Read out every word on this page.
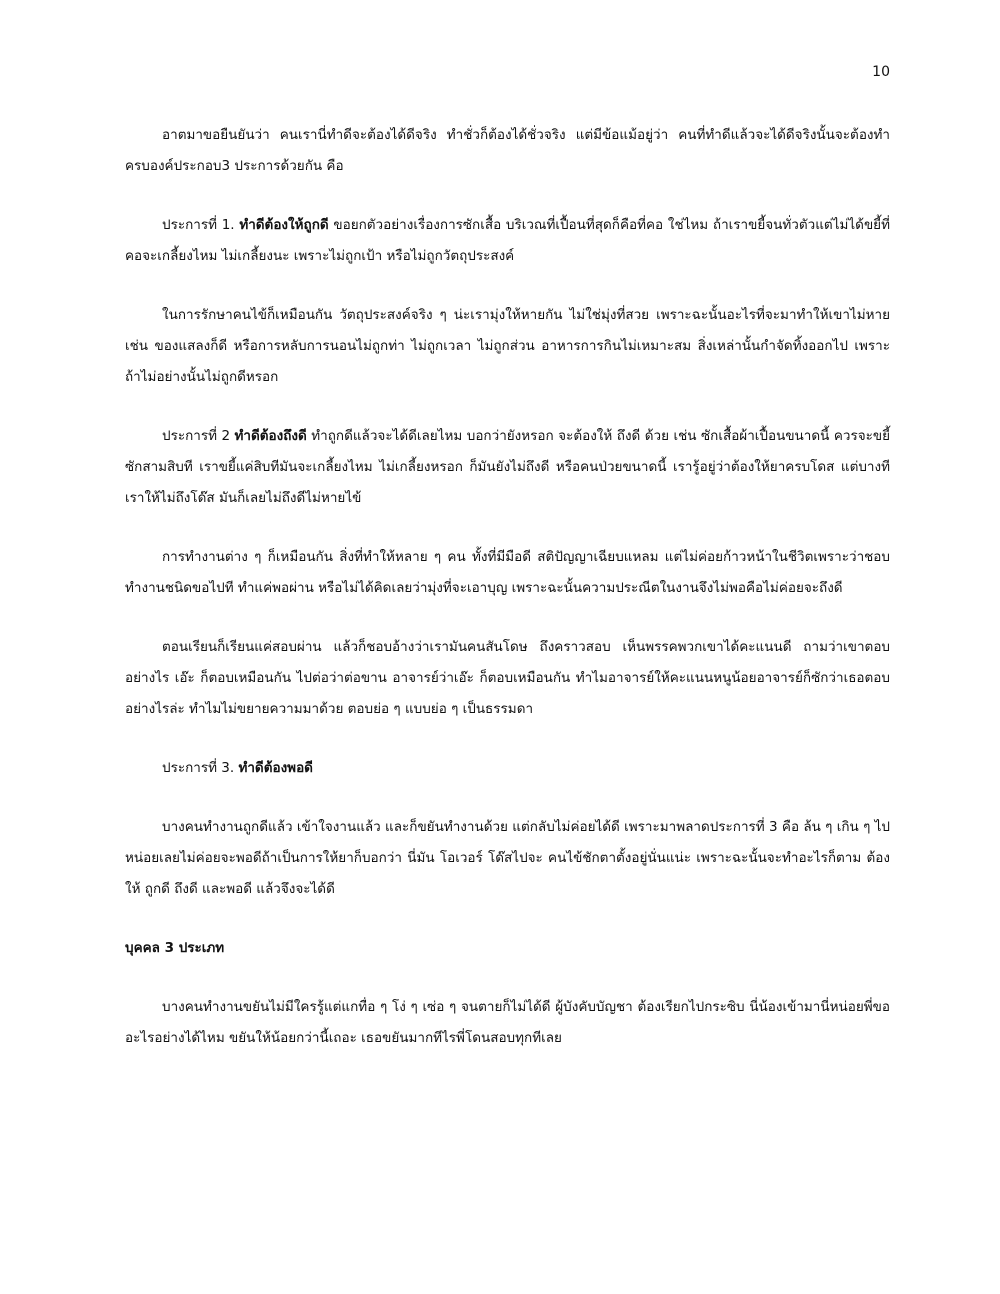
10

อาตมาขอยืนยันว่า คนเรานี่ทำดีจะต้องได้ดีจริง ทำชั่วก็ต้องได้ชั่วจริง แต่มีข้อแม้อยู่ว่า คนที่ทำดีแล้วจะได้ดีจริงนั้นจะต้องทำครบองค์ประกอบ3 ประการด้วยกัน คือ

ประการที่ 1. ทำดีต้องให้ถูกดี ขอยกตัวอย่างเรื่องการซักเสื้อ บริเวณที่เปื้อนที่สุดก็คือที่คอ ใช่ไหม ถ้าเราขยี้จนทั่วตัวแต่ไม่ได้ขยี้ที่คอจะเกลี้ยงไหม ไม่เกลี้ยงนะ เพราะไม่ถูกเป้า หรือไม่ถูกวัตถุประสงค์

ในการรักษาคนไข้ก็เหมือนกัน วัตถุประสงค์จริง ๆ น่ะเรามุ่งให้หายกัน ไม่ใช่มุ่งที่สวย เพราะฉะนั้นอะไรที่จะมาทำให้เขาไม่หาย เช่น ของแสลงก็ดี หรือการหลับการนอนไม่ถูกท่า ไม่ถูกเวลา ไม่ถูกส่วน อาหารการกินไม่เหมาะสม สิ่งเหล่านั้นกำจัดทิ้งออกไป เพราะถ้าไม่อย่างนั้นไม่ถูกดีหรอก

ประการที่ 2 ทำดีต้องถึงดี ทำถูกดีแล้วจะได้ดีเลยไหม บอกว่ายังหรอก จะต้องให้ ถึงดี ด้วย เช่น ซักเสื้อผ้าเปื้อนขนาดนี้ ควรจะขยี้ซักสามสิบที เราขยี้แค่สิบทีมันจะเกลี้ยงไหม ไม่เกลี้ยงหรอก ก็มันยังไม่ถึงดี หรือคนป่วยขนาดนี้ เรารู้อยู่ว่าต้องให้ยาครบโดส แต่บางทีเราให้ไม่ถึงโด๊ส มันก็เลยไม่ถึงดีไม่หายไข้

การทำงานต่าง ๆ ก็เหมือนกัน สิ่งที่ทำให้หลาย ๆ คน ทั้งที่มีมือดี สติปัญญาเฉียบแหลม แต่ไม่ค่อยก้าวหน้าในชีวิตเพราะว่าชอบทำงานชนิดขอไปที ทำแค่พอผ่าน หรือไม่ได้คิดเลยว่ามุ่งที่จะเอาบุญ เพราะฉะนั้นความประณีตในงานจึงไม่พอคือไม่ค่อยจะถึงดี

ตอนเรียนก็เรียนแค่สอบผ่าน แล้วก็ชอบอ้างว่าเรามันคนสันโดษ ถึงคราวสอบ เห็นพรรคพวกเขาได้คะแนนดี ถามว่าเขาตอบอย่างไร เอ๊ะ ก็ตอบเหมือนกัน ไปต่อว่าต่อขาน อาจารย์ว่าเอ๊ะ ก็ตอบเหมือนกัน ทำไมอาจารย์ให้คะแนนหนูน้อยอาจารย์ก็ซักว่าเธอตอบอย่างไรล่ะ ทำไมไม่ขยายความมาด้วย ตอบย่อ ๆ แบบย่อ ๆ เป็นธรรมดา

ประการที่ 3. ทำดีต้องพอดี

บางคนทำงานถูกดีแล้ว เข้าใจงานแล้ว และก็ขยันทำงานด้วย แต่กลับไม่ค่อยได้ดี เพราะมาพลาดประการที่ 3 คือ ล้น ๆ เกิน ๆ ไปหน่อยเลยไม่ค่อยจะพอดีถ้าเป็นการให้ยาก็บอกว่า นี่มัน โอเวอร์ โด๊สไปจะ คนไข้ชักตาตั้งอยู่นั่นแน่ะ เพราะฉะนั้นจะทำอะไรก็ตาม ต้องให้ ถูกดี ถึงดี และพอดี แล้วจึงจะได้ดี

บุคคล 3 ประเภท

บางคนทำงานขยันไม่มีใครรู้แต่แกทื่อ ๆ โง่ ๆ เซ่อ ๆ จนตายก็ไม่ได้ดี ผู้บังคับบัญชา ต้องเรียกไปกระซิบ นี่น้องเข้ามานี่หน่อยพี่ขออะไรอย่างได้ไหม ขยันให้น้อยกว่านี้เถอะ เธอขยันมากทีไรพี่โดนสอบทุกทีเลย
